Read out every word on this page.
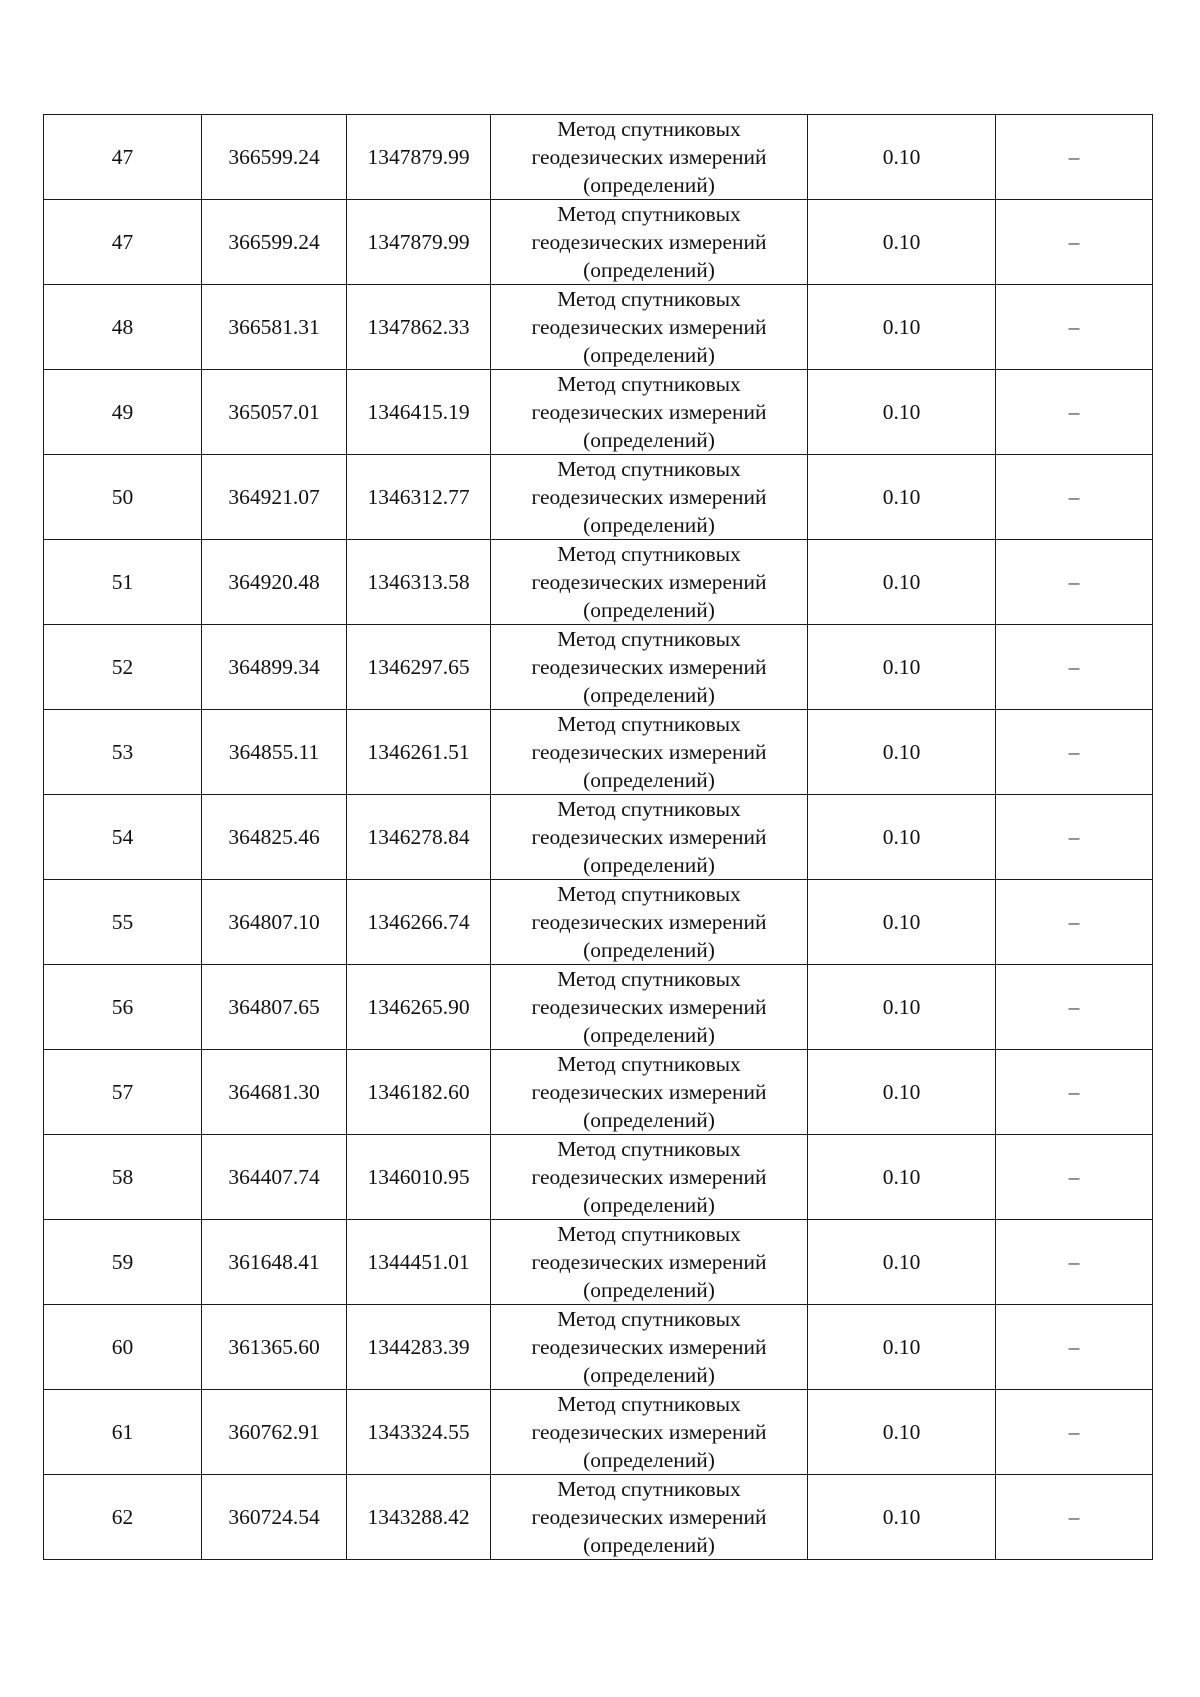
47	366599.24	1347879.99	Метод спутниковых
геодезических измерений
(определений)	0.10	–
47	366599.24	1347879.99	Метод спутниковых
геодезических измерений
(определений)	0.10	–
48	366581.31	1347862.33	Метод спутниковых
геодезических измерений
(определений)	0.10	–
49	365057.01	1346415.19	Метод спутниковых
геодезических измерений
(определений)	0.10	–
50	364921.07	1346312.77	Метод спутниковых
геодезических измерений
(определений)	0.10	–
51	364920.48	1346313.58	Метод спутниковых
геодезических измерений
(определений)	0.10	–
52	364899.34	1346297.65	Метод спутниковых
геодезических измерений
(определений)	0.10	–
53	364855.11	1346261.51	Метод спутниковых
геодезических измерений
(определений)	0.10	–
54	364825.46	1346278.84	Метод спутниковых
геодезических измерений
(определений)	0.10	–
55	364807.10	1346266.74	Метод спутниковых
геодезических измерений
(определений)	0.10	–
56	364807.65	1346265.90	Метод спутниковых
геодезических измерений
(определений)	0.10	–
57	364681.30	1346182.60	Метод спутниковых
геодезических измерений
(определений)	0.10	–
58	364407.74	1346010.95	Метод спутниковых
геодезических измерений
(определений)	0.10	–
59	361648.41	1344451.01	Метод спутниковых
геодезических измерений
(определений)	0.10	–
60	361365.60	1344283.39	Метод спутниковых
геодезических измерений
(определений)	0.10	–
61	360762.91	1343324.55	Метод спутниковых
геодезических измерений
(определений)	0.10	–
62	360724.54	1343288.42	Метод спутниковых
геодезических измерений
(определений)	0.10	–
